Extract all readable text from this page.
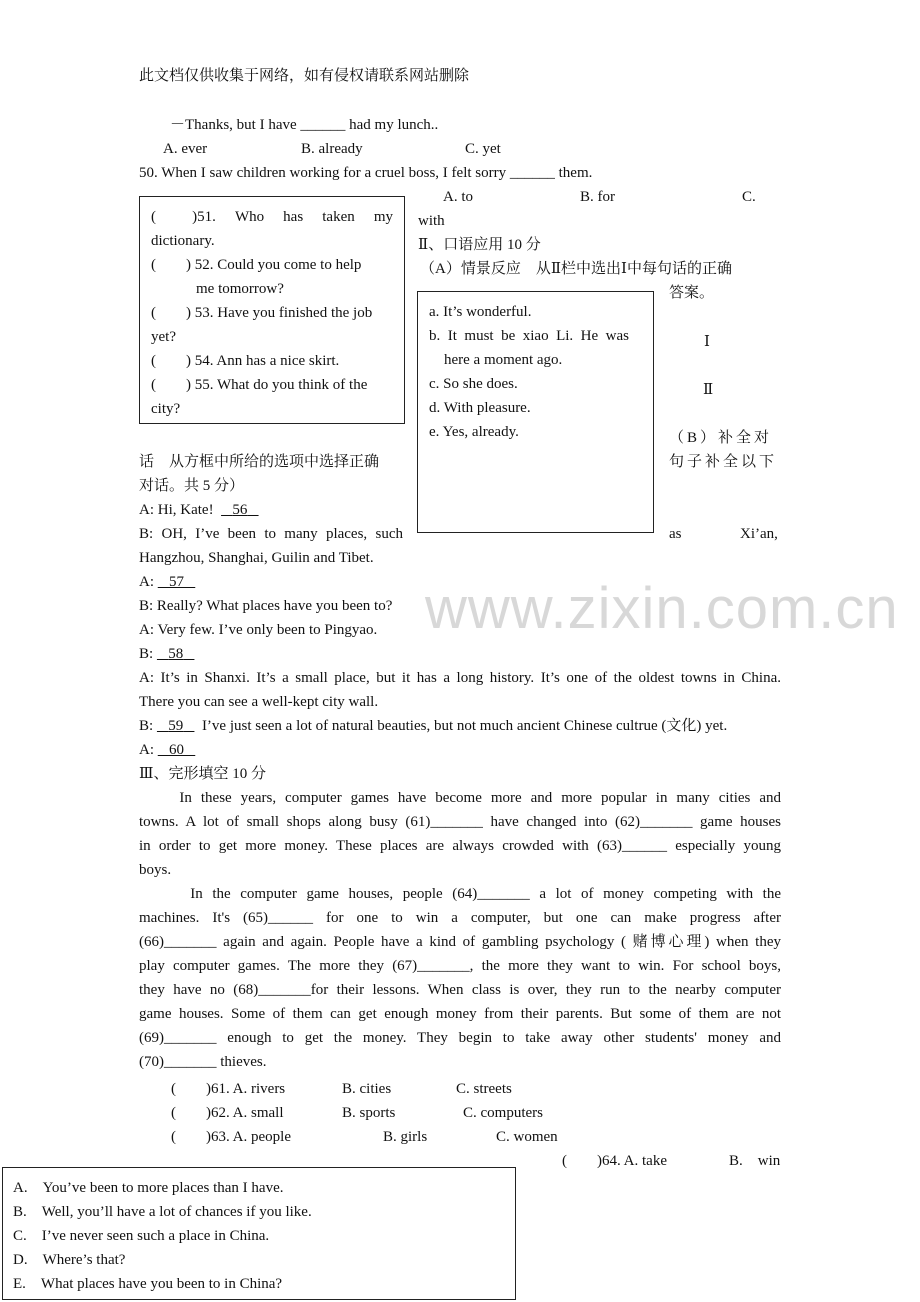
www.zixin.com.cn
此文档仅供收集于网络，如有侵权请联系网站删除
－Thanks, but I have ______ had my lunch..
A. ever	B. already	C. yet
50. When I saw children working for a cruel boss, I felt sorry ______ them.
A. to	B. for	C.
with
(　　)51.　Who　has　taken　my
dictionary.
(　　) 52. Could you come to help
　　　me tomorrow?
(　　) 53. Have you finished the job
yet?
(　　) 54. Ann has a nice skirt.
(　　) 55. What do you think of the
city?
Ⅱ、口语应用 10 分
（A）情景反应　从Ⅱ栏中选出Ⅰ中每句话的正确
答案。
a. It’s wonderful.
b.  It  must  be  xiao  Li.  He  was
　here a moment ago.
c. So she does.
d. With pleasure.
e. Yes, already.
Ⅰ
Ⅱ
（B）补全对
句子补全以下
话　从方框中所给的选项中选择正确
对话。共 5 分）
A: Hi, Kate! 56
B: OH, I’ve been to many places, such	as	Xi’an,
Hangzhou, Shanghai, Guilin and Tibet.
A: 57
B: Really? What places have you been to?
A: Very few. I’ve only been to Pingyao.
B: 58
A: It’s in Shanxi. It’s a small place, but it has a long history. It’s one of the oldest towns in China.
There you can see a well-kept city wall.
B: 59 I’ve just seen a lot of natural beauties, but not much ancient Chinese cultrue (文化) yet.
A: 60
Ⅲ、完形填空 10 分
　　In these years, computer games have become more and more popular in many cities and
towns. A lot of small shops along busy (61)_______ have changed into (62)_______ game houses
in order to get more money. These places are always crowded with (63)______ especially young
boys.
　　 In the computer game houses, people (64)_______ a lot of money competing with the
machines. It's (65)______ for one to win a computer, but one can make progress after
(66)_______ again and again. People have a kind of gambling psychology ( 赌博心理) when they
play computer games. The more they (67)_______, the more they want to win. For school boys,
they have no (68)_______for their lessons. When class is over, they run to the nearby computer
game houses. Some of them can get enough money from their parents. But some of them are not
(69)_______ enough to get the money. They begin to take away other students' money and
(70)_______ thieves.
(　　)61. A. rivers	B. cities	C. streets
(　　)62. A. small	B. sports	C. computers
(　　)63. A. people	B. girls	C. women
(　　)64. A. take	B.　win
A.　You’ve been to more places than I have.
B.　Well, you’ll have a lot of chances if you like.
C.　I’ve never seen such a place in China.
D.　Where’s that?
E.　What places have you been to in China?
